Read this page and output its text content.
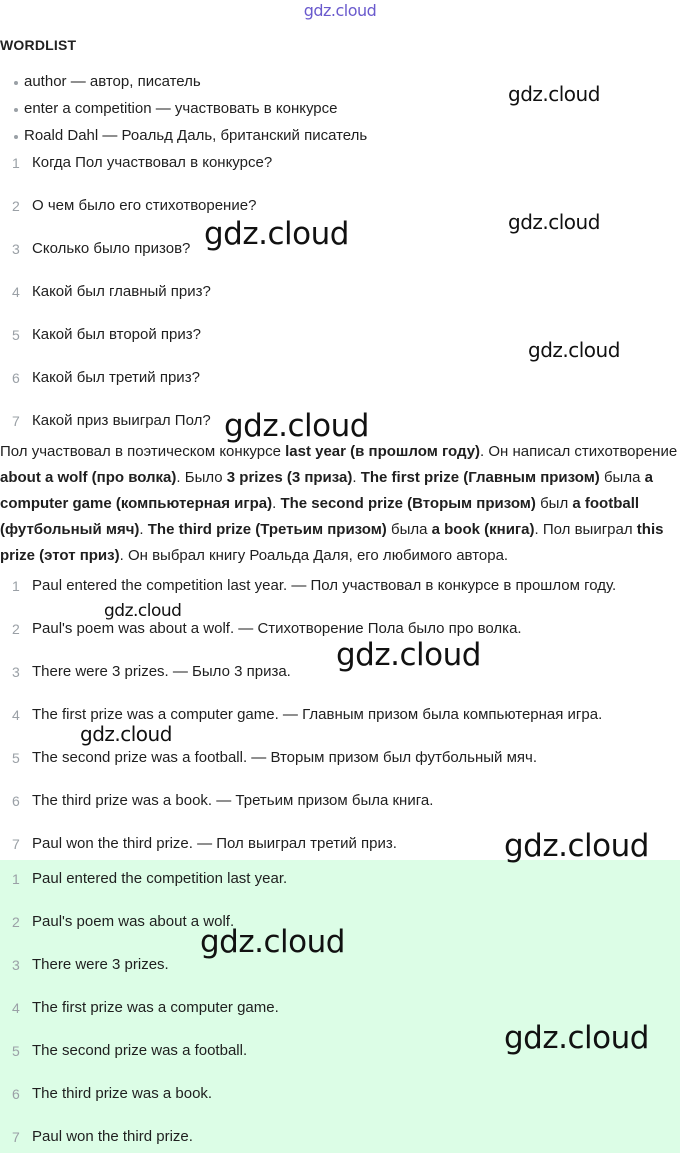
gdz.cloud
WORDLIST
author — автор, писатель
enter a competition — участвовать в конкурсе
Roald Dahl — Роальд Даль, британский писатель
1 Когда Пол участвовал в конкурсе?
2 О чем было его стихотворение?
3 Сколько было призов?
4 Какой был главный приз?
5 Какой был второй приз?
6 Какой был третий приз?
7 Какой приз выиграл Пол?
Пол участвовал в поэтическом конкурсе last year (в прошлом году). Он написал стихотворение about a wolf (про волка). Было 3 prizes (3 приза). The first prize (Главным призом) была a computer game (компьютерная игра). The second prize (Вторым призом) был a football (футбольный мяч). The third prize (Третьим призом) была a book (книга). Пол выиграл this prize (этот приз). Он выбрал книгу Роальда Даля, его любимого автора.
1 Paul entered the competition last year. — Пол участвовал в конкурсе в прошлом году.
2 Paul's poem was about a wolf. — Стихотворение Пола было про волка.
3 There were 3 prizes. — Было 3 приза.
4 The first prize was a computer game. — Главным призом была компьютерная игра.
5 The second prize was a football. — Вторым призом был футбольный мяч.
6 The third prize was a book. — Третьим призом была книга.
7 Paul won the third prize. — Пол выиграл третий приз.
1 Paul entered the competition last year.
2 Paul's poem was about a wolf.
3 There were 3 prizes.
4 The first prize was a computer game.
5 The second prize was a football.
6 The third prize was a book.
7 Paul won the third prize.
gdz.cloud
gdz.cloud
gdz.cloud
gdz.cloud
gdz.cloud
gdz.cloud
gdz.cloud
gdz.cloud
gdz.cloud
gdz.cloud
gdz.cloud
